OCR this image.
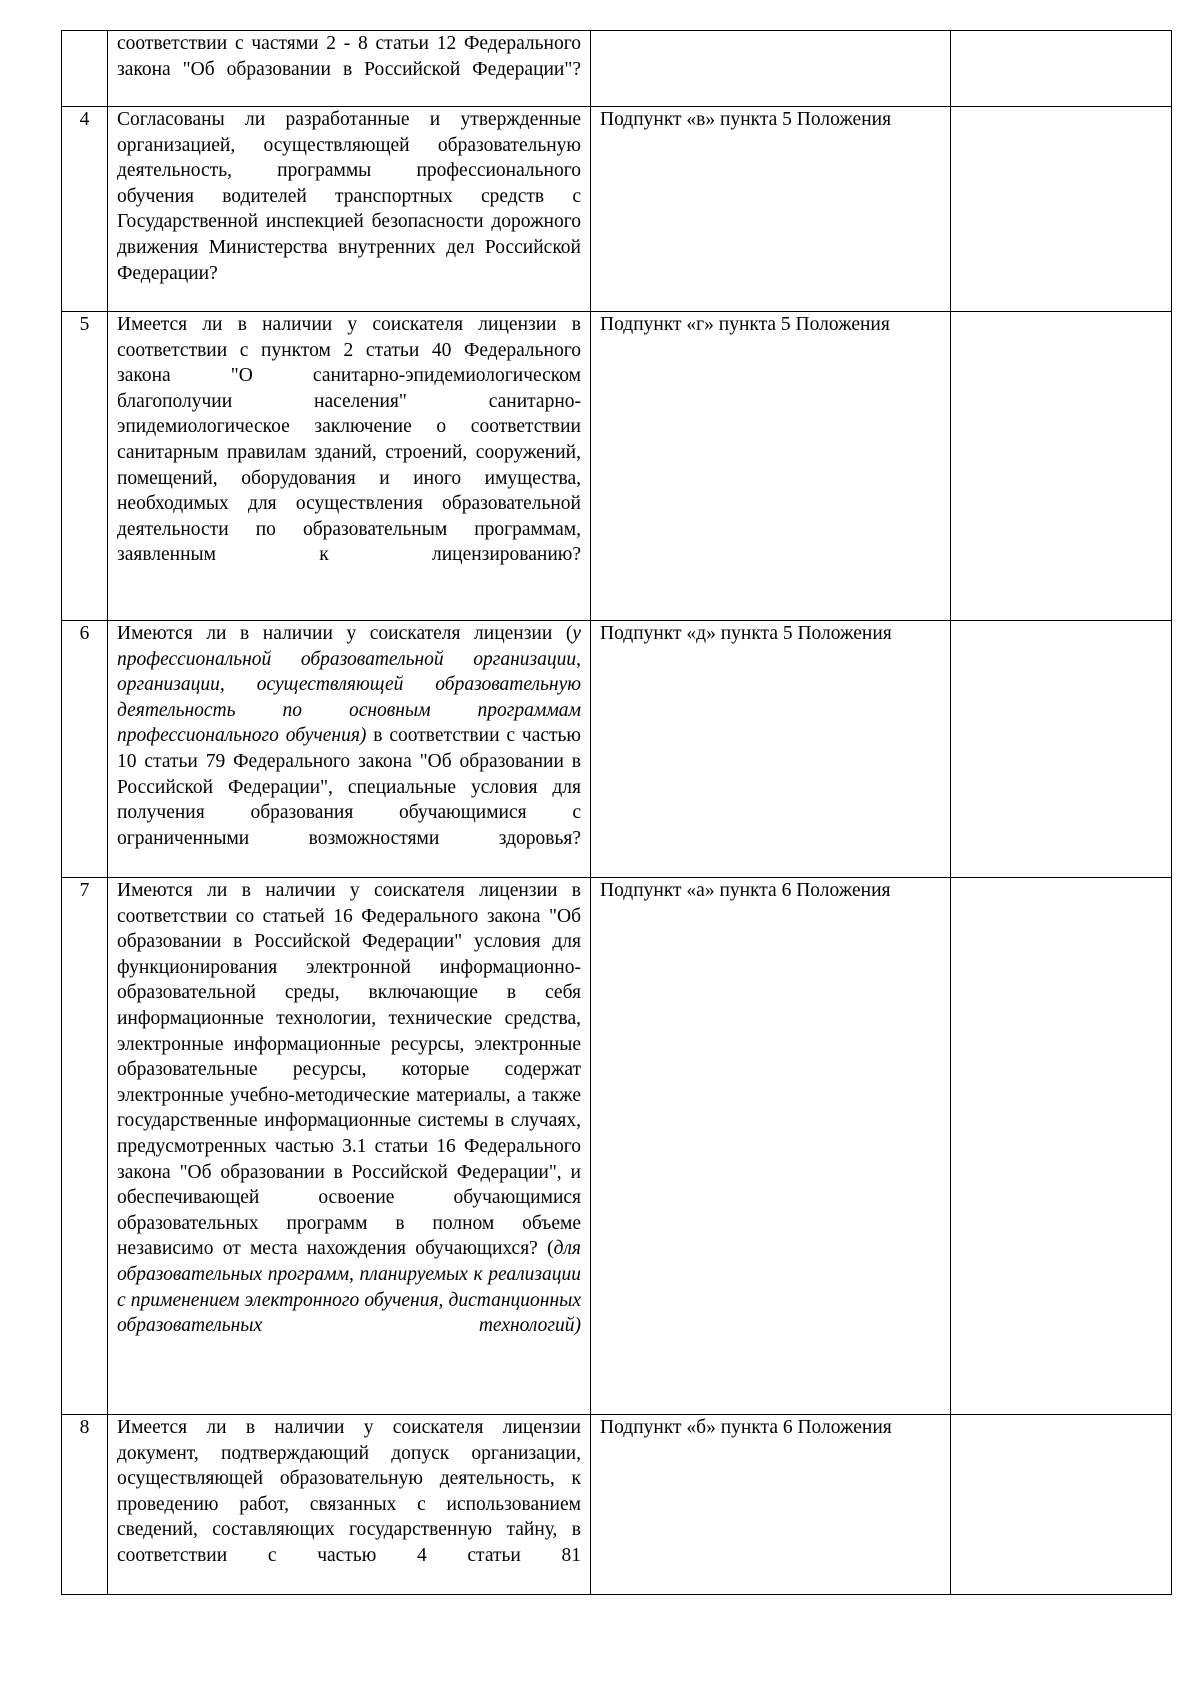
	соответствии с частями 2 - 8 статьи 12 Федерального закона "Об образовании в Российской Федерации"?		
4	Согласованы ли разработанные и утвержденные организацией, осуществляющей образовательную деятельность, программы профессионального обучения водителей транспортных средств с Государственной инспекцией безопасности дорожного движения Министерства внутренних дел Российской Федерации?	Подпункт «в» пункта 5 Положения	
5	Имеется ли в наличии у соискателя лицензии в соответствии с пунктом 2 статьи 40 Федерального закона "О санитарно-эпидемиологическом благополучии населения" санитарно-эпидемиологическое заключение о соответствии санитарным правилам зданий, строений, сооружений, помещений, оборудования и иного имущества, необходимых для осуществления образовательной деятельности по образовательным программам, заявленным к лицензированию?	Подпункт «г» пункта 5 Положения	
6	Имеются ли в наличии у соискателя лицензии (у профессиональной образовательной организации, организации, осуществляющей образовательную деятельность по основным программам профессионального обучения) в соответствии с частью 10 статьи 79 Федерального закона "Об образовании в Российской Федерации", специальные условия для получения образования обучающимися с ограниченными возможностями здоровья?	Подпункт «д» пункта 5 Положения	
7	Имеются ли в наличии у соискателя лицензии в соответствии со статьей 16 Федерального закона "Об образовании в Российской Федерации" условия для функционирования электронной информационно-образовательной среды, включающие в себя информационные технологии, технические средства, электронные информационные ресурсы, электронные образовательные ресурсы, которые содержат электронные учебно-методические материалы, а также государственные информационные системы в случаях, предусмотренных частью 3.1 статьи 16 Федерального закона "Об образовании в Российской Федерации", и обеспечивающей освоение обучающимися образовательных программ в полном объеме независимо от места нахождения обучающихся? (для образовательных программ, планируемых к реализации с применением электронного обучения, дистанционных образовательных технологий)	Подпункт «а» пункта 6 Положения	
8	Имеется ли в наличии у соискателя лицензии документ, подтверждающий допуск организации, осуществляющей образовательную деятельность, к проведению работ, связанных с использованием сведений, составляющих государственную тайну, в соответствии с частью 4 статьи 81	Подпункт «б» пункта 6 Положения	
